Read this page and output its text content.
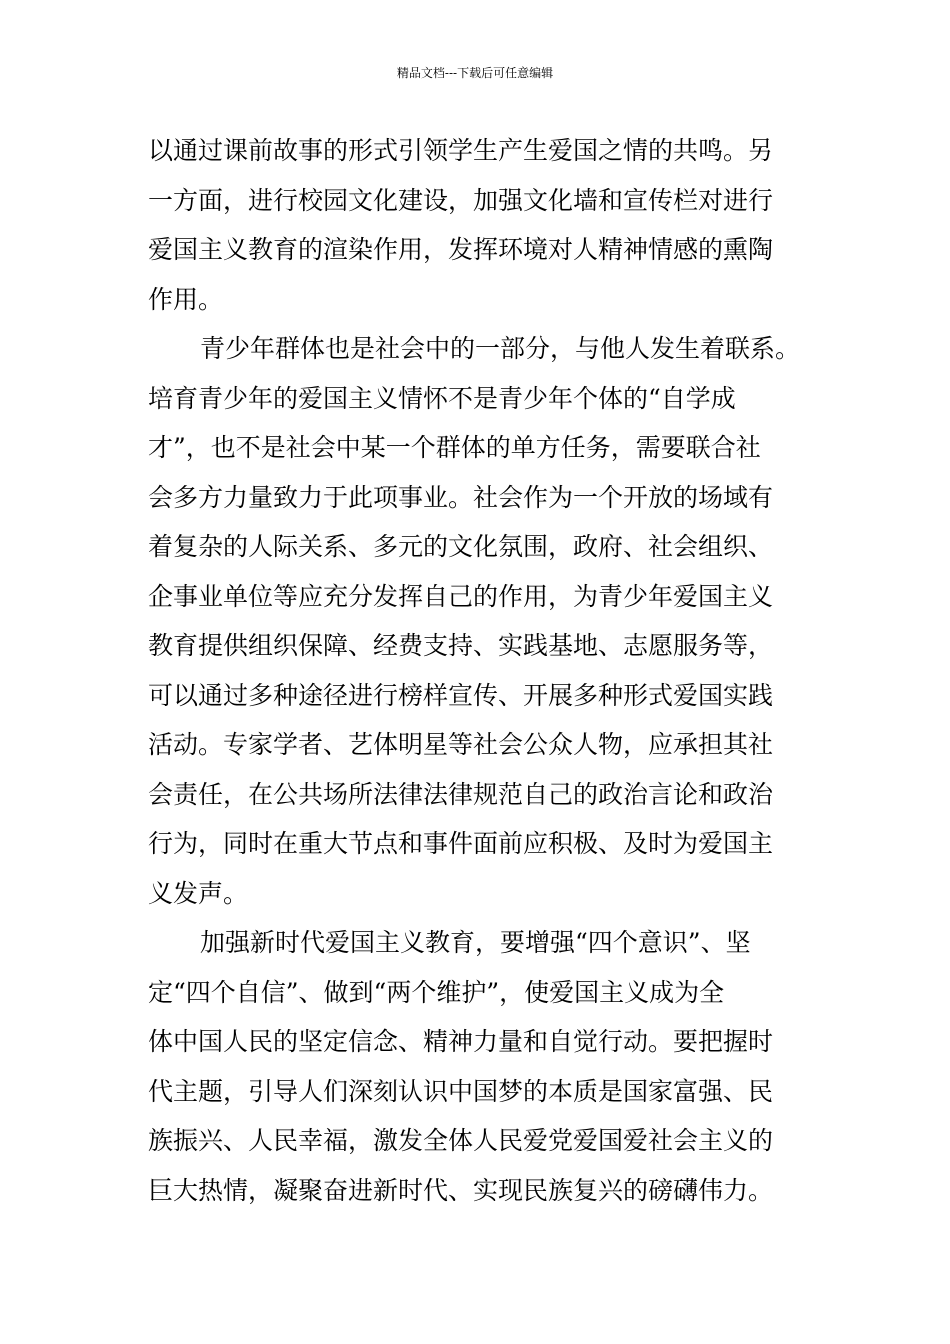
精品文档---下载后可任意编辑
以通过课前故事的形式引领学生产生爱国之情的共鸣。另
一方面，进行校园文化建设，加强文化墙和宣传栏对进行
爱国主义教育的渲染作用，发挥环境对人精神情感的熏陶
作用。
青少年群体也是社会中的一部分，与他人发生着联系。
培育青少年的爱国主义情怀不是青少年个体的“自学成
才”，也不是社会中某一个群体的单方任务，需要联合社
会多方力量致力于此项事业。社会作为一个开放的场域有
着复杂的人际关系、多元的文化氛围，政府、社会组织、
企事业单位等应充分发挥自己的作用，为青少年爱国主义
教育提供组织保障、经费支持、实践基地、志愿服务等，
可以通过多种途径进行榜样宣传、开展多种形式爱国实践
活动。专家学者、艺体明星等社会公众人物，应承担其社
会责任，在公共场所法律法律规范自己的政治言论和政治
行为，同时在重大节点和事件面前应积极、及时为爱国主
义发声。
加强新时代爱国主义教育，要增强“四个意识”、坚
定“四个自信”、做到“两个维护”，使爱国主义成为全
体中国人民的坚定信念、精神力量和自觉行动。要把握时
代主题，引导人们深刻认识中国梦的本质是国家富强、民
族振兴、人民幸福，激发全体人民爱党爱国爱社会主义的
巨大热情，凝聚奋进新时代、实现民族复兴的磅礴伟力。
